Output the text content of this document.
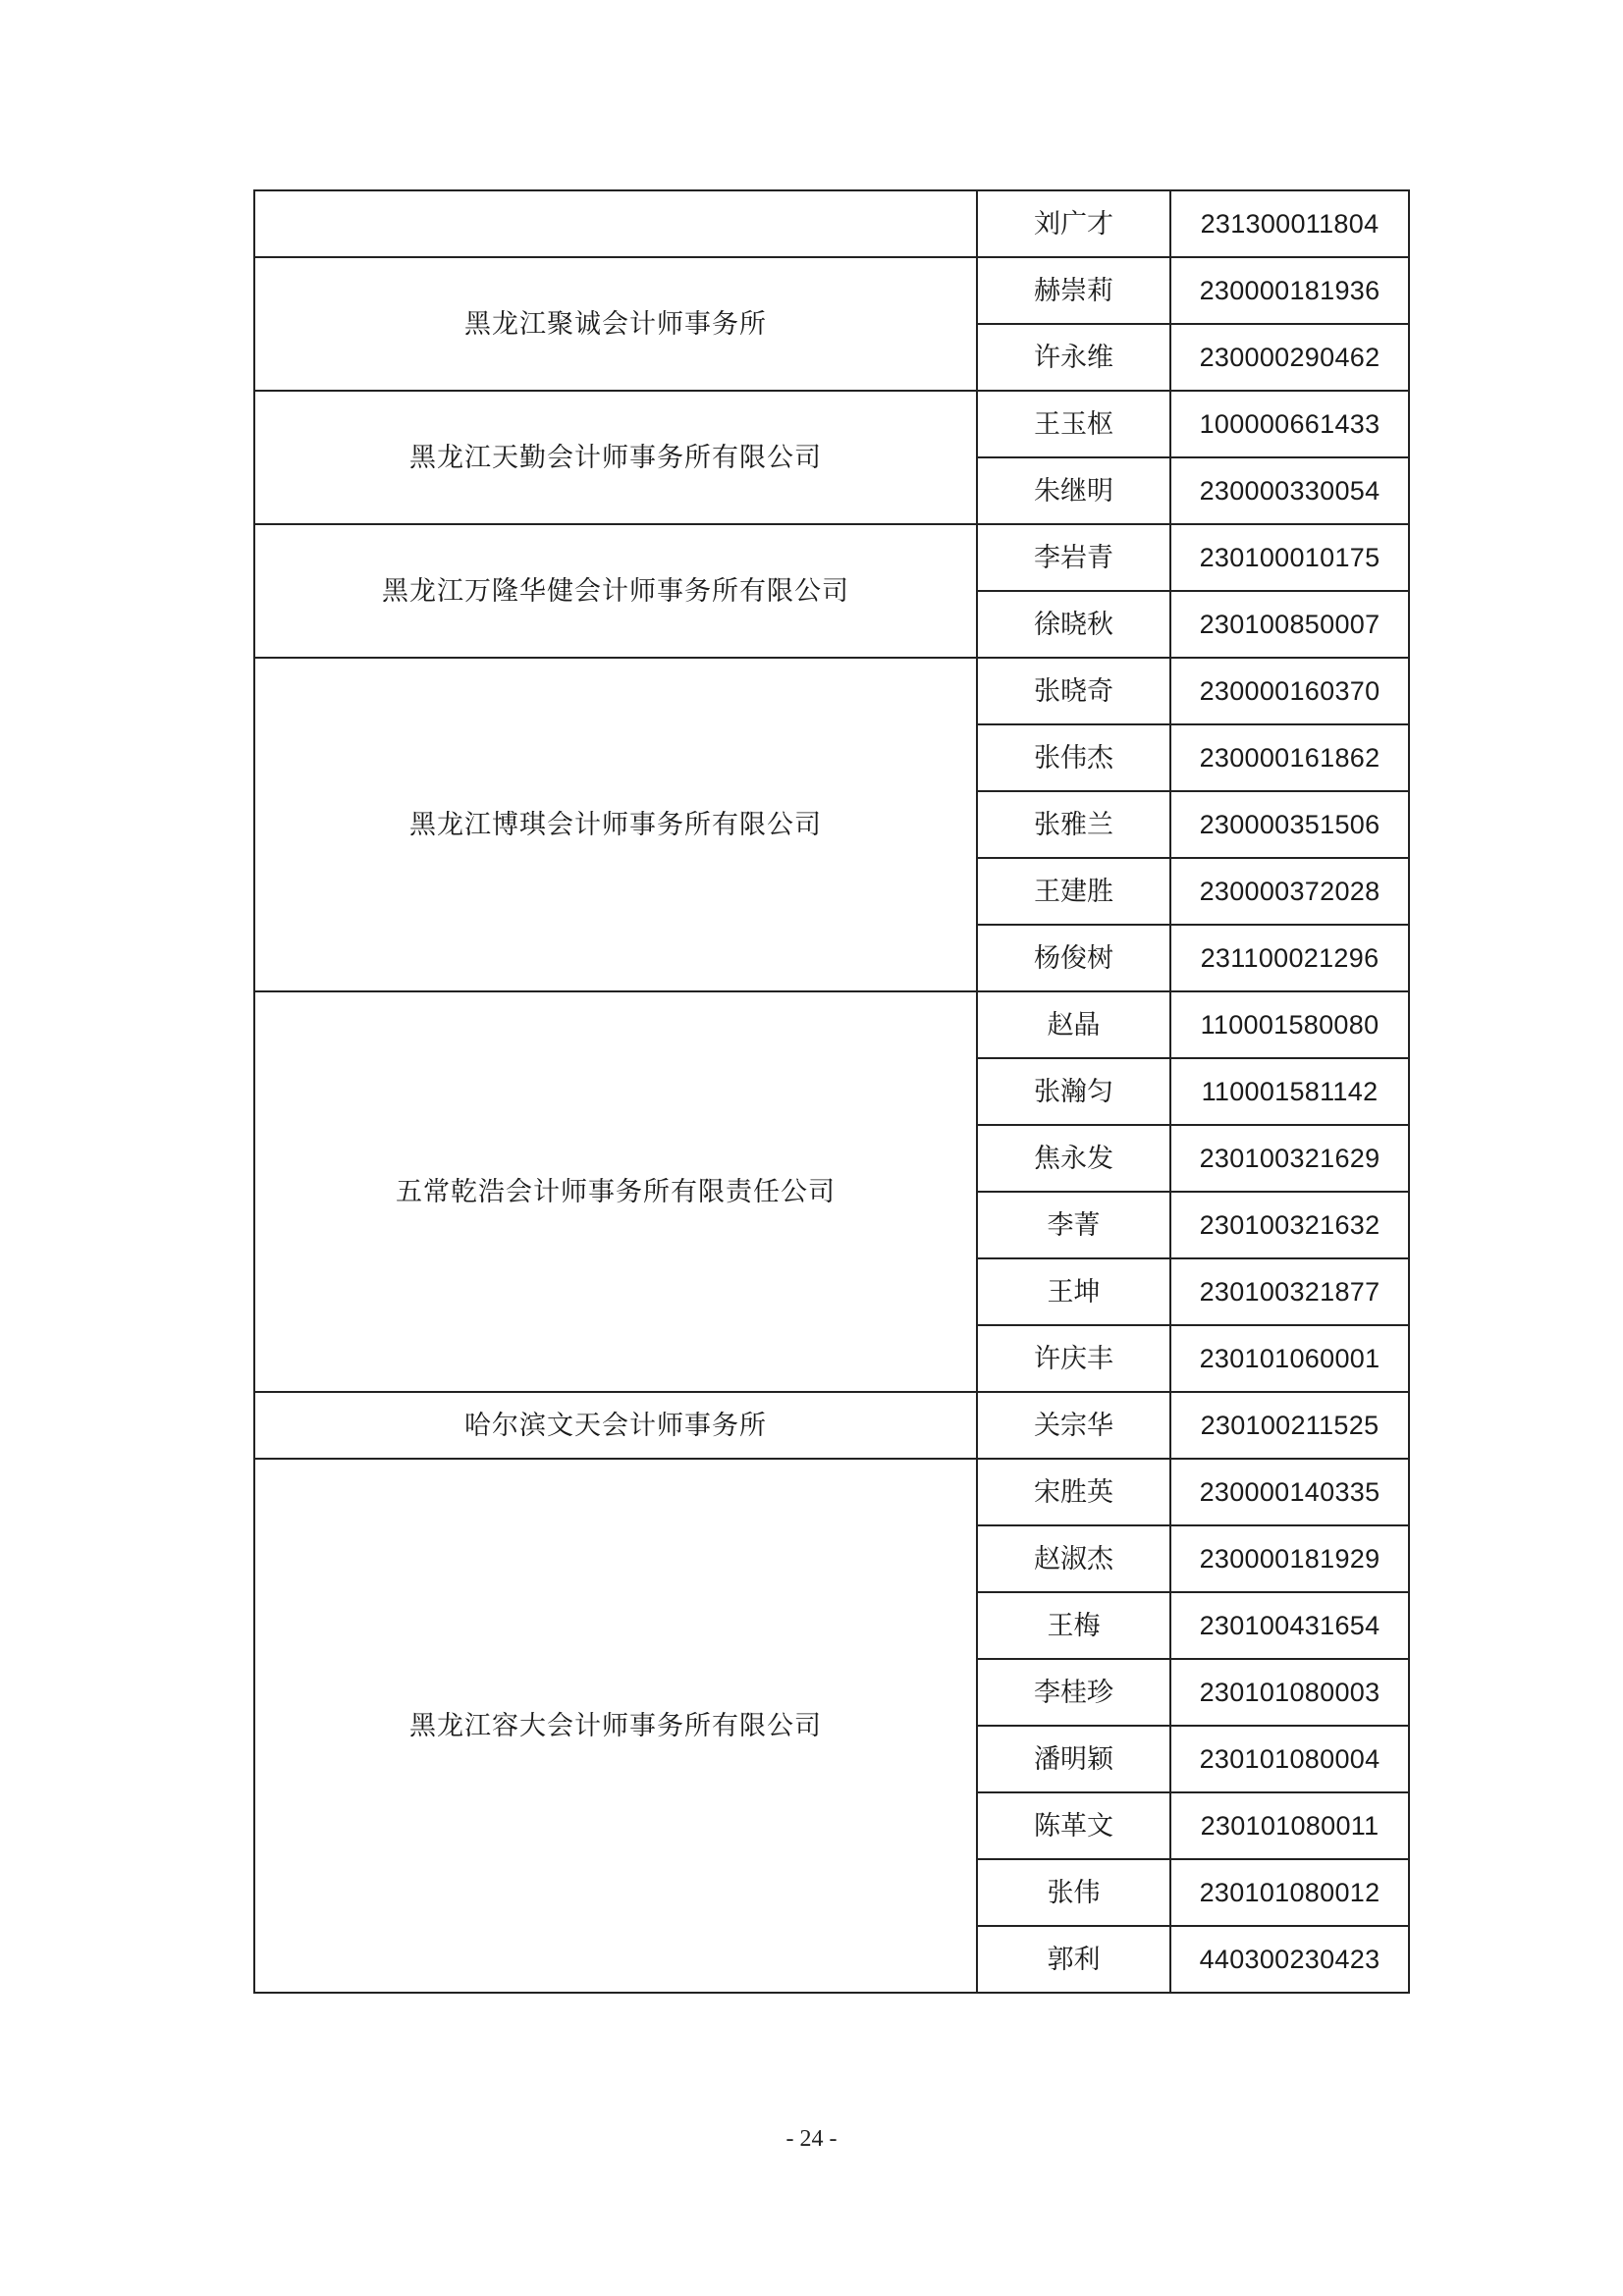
	刘广才	231300011804
黑龙江聚诚会计师事务所	赫崇莉	230000181936
	许永维	230000290462
黑龙江天勤会计师事务所有限公司	王玉枢	100000661433
	朱继明	230000330054
黑龙江万隆华健会计师事务所有限公司	李岩青	230100010175
	徐晓秋	230100850007
黑龙江博琪会计师事务所有限公司	张晓奇	230000160370
	张伟杰	230000161862
	张雅兰	230000351506
	王建胜	230000372028
	杨俊树	231100021296
五常乾浩会计师事务所有限责任公司	赵晶	110001580080
	张瀚匀	110001581142
	焦永发	230100321629
	李菁	230100321632
	王坤	230100321877
	许庆丰	230101060001
哈尔滨文天会计师事务所	关宗华	230100211525
黑龙江容大会计师事务所有限公司	宋胜英	230000140335
	赵淑杰	230000181929
	王梅	230100431654
	李桂珍	230101080003
	潘明颖	230101080004
	陈革文	230101080011
	张伟	230101080012
	郭利	440300230423
- 24 -
